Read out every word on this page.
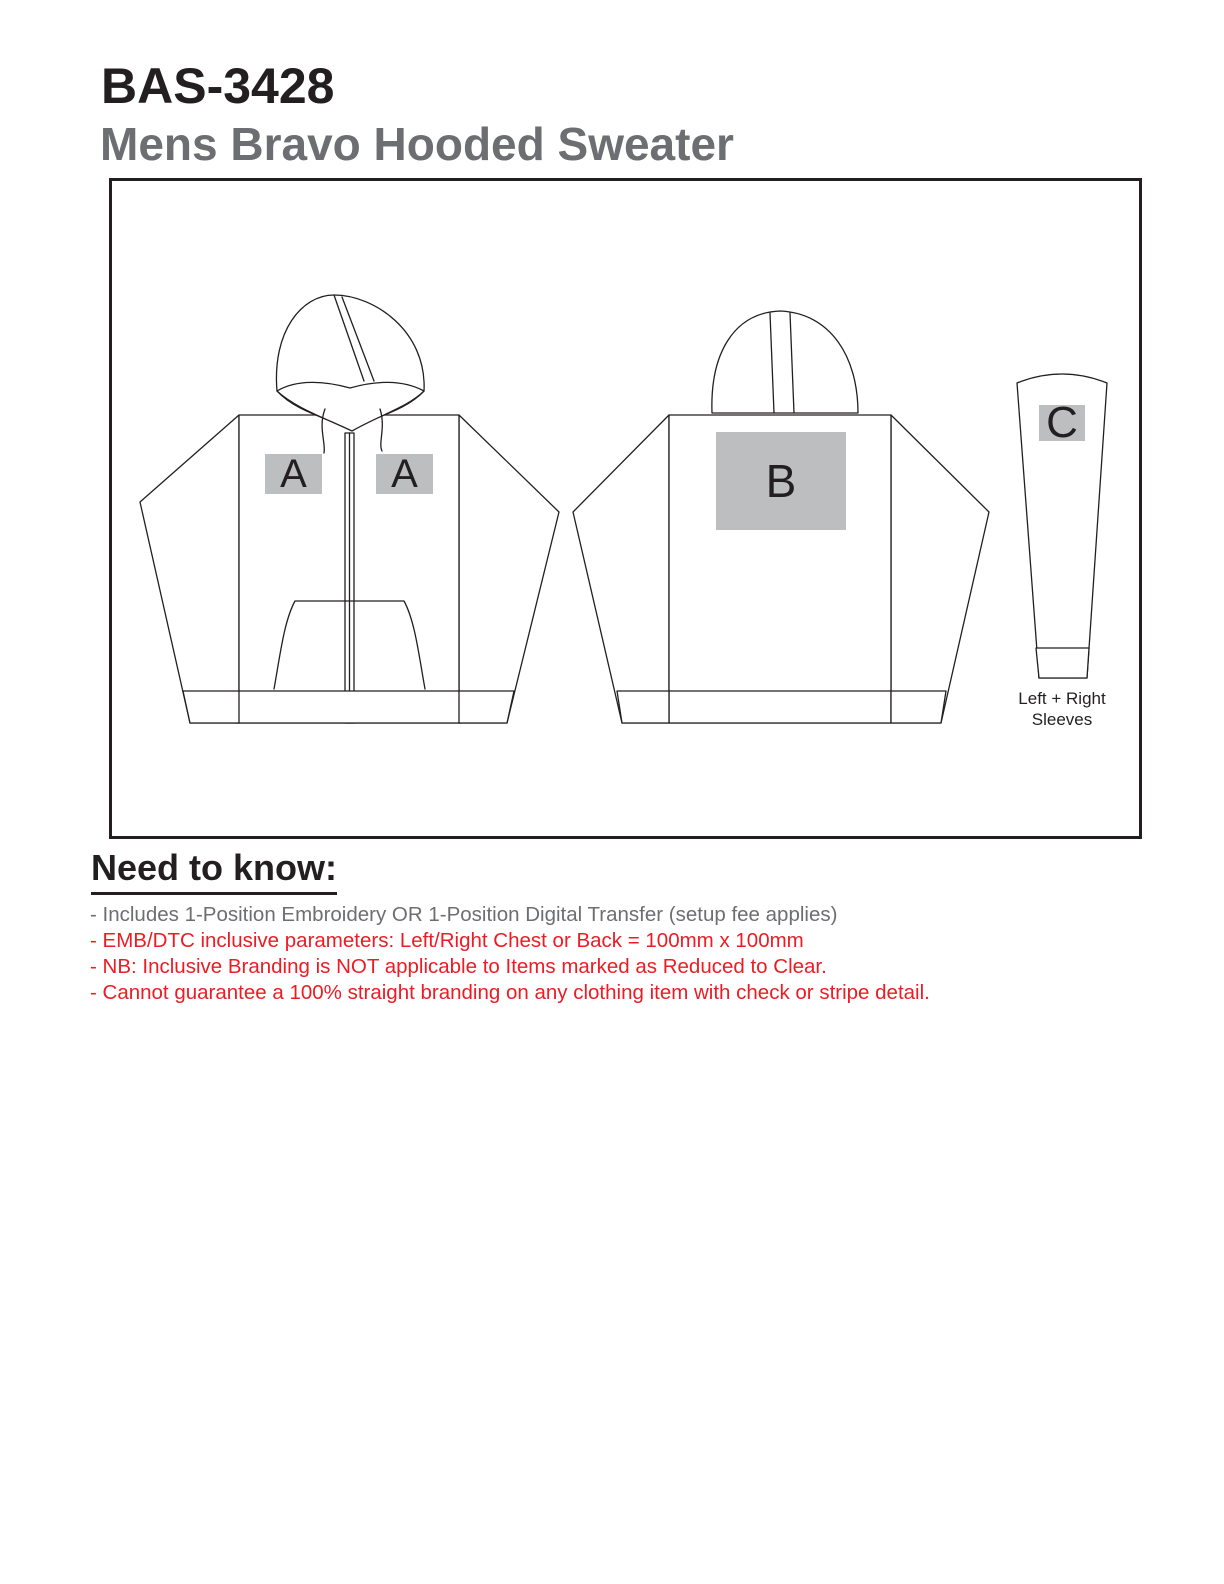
BAS-3428
Mens Bravo Hooded Sweater
A	A	B
C
Left + Right
Sleeves
Need to know:
- Includes 1-Position Embroidery OR 1-Position Digital Transfer (setup fee applies)
- EMB/DTC inclusive parameters: Left/Right Chest or Back = 100mm x 100mm
- NB: Inclusive Branding is NOT applicable to Items marked as Reduced to Clear.
- Cannot guarantee a 100% straight branding on any clothing item with check or stripe detail.
